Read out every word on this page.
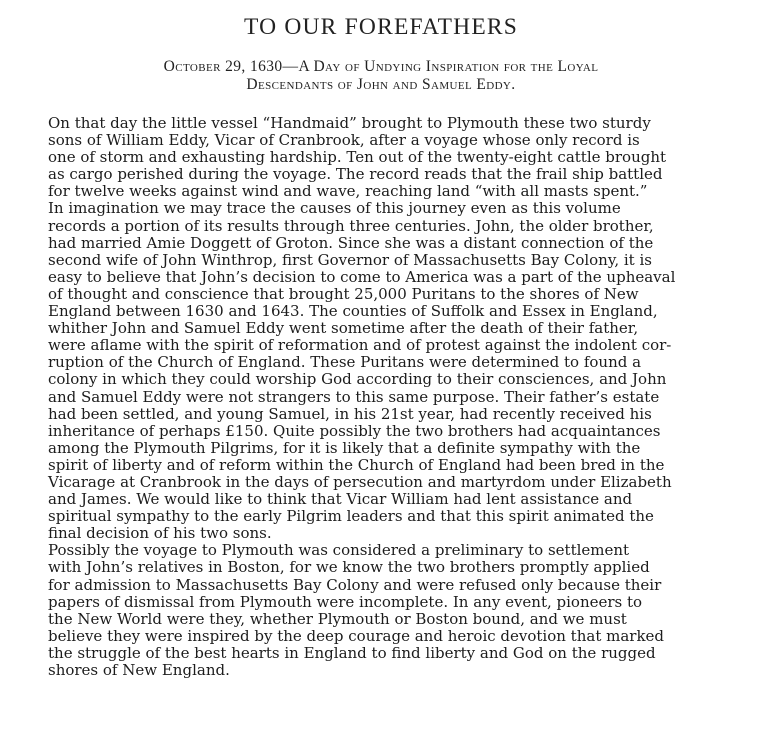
TO OUR FOREFATHERS
October 29, 1630—A Day of Undying Inspiration for the Loyal
Descendants of John and Samuel Eddy.
On that day the little vessel “Handmaid” brought to Plymouth these two sturdy
sons of William Eddy, Vicar of Cranbrook, after a voyage whose only record is
one of storm and exhausting hardship. Ten out of the twenty-eight cattle brought
as cargo perished during the voyage. The record reads that the frail ship battled
for twelve weeks against wind and wave, reaching land “with all masts spent.”
In imagination we may trace the causes of this journey even as this volume
records a portion of its results through three centuries. John, the older brother,
had married Amie Doggett of Groton. Since she was a distant connection of the
second wife of John Winthrop, first Governor of Massachusetts Bay Colony, it is
easy to believe that John’s decision to come to America was a part of the upheaval
of thought and conscience that brought 25,000 Puritans to the shores of New
England between 1630 and 1643. The counties of Suffolk and Essex in England,
whither John and Samuel Eddy went sometime after the death of their father,
were aflame with the spirit of reformation and of protest against the indolent cor-
ruption of the Church of England. These Puritans were determined to found a
colony in which they could worship God according to their consciences, and John
and Samuel Eddy were not strangers to this same purpose. Their father’s estate
had been settled, and young Samuel, in his 21st year, had recently received his
inheritance of perhaps £150. Quite possibly the two brothers had acquaintances
among the Plymouth Pilgrims, for it is likely that a definite sympathy with the
spirit of liberty and of reform within the Church of England had been bred in the
Vicarage at Cranbrook in the days of persecution and martyrdom under Elizabeth
and James. We would like to think that Vicar William had lent assistance and
spiritual sympathy to the early Pilgrim leaders and that this spirit animated the
final decision of his two sons.
Possibly the voyage to Plymouth was considered a preliminary to settlement
with John’s relatives in Boston, for we know the two brothers promptly applied
for admission to Massachusetts Bay Colony and were refused only because their
papers of dismissal from Plymouth were incomplete. In any event, pioneers to
the New World were they, whether Plymouth or Boston bound, and we must
believe they were inspired by the deep courage and heroic devotion that marked
the struggle of the best hearts in England to find liberty and God on the rugged
shores of New England.
